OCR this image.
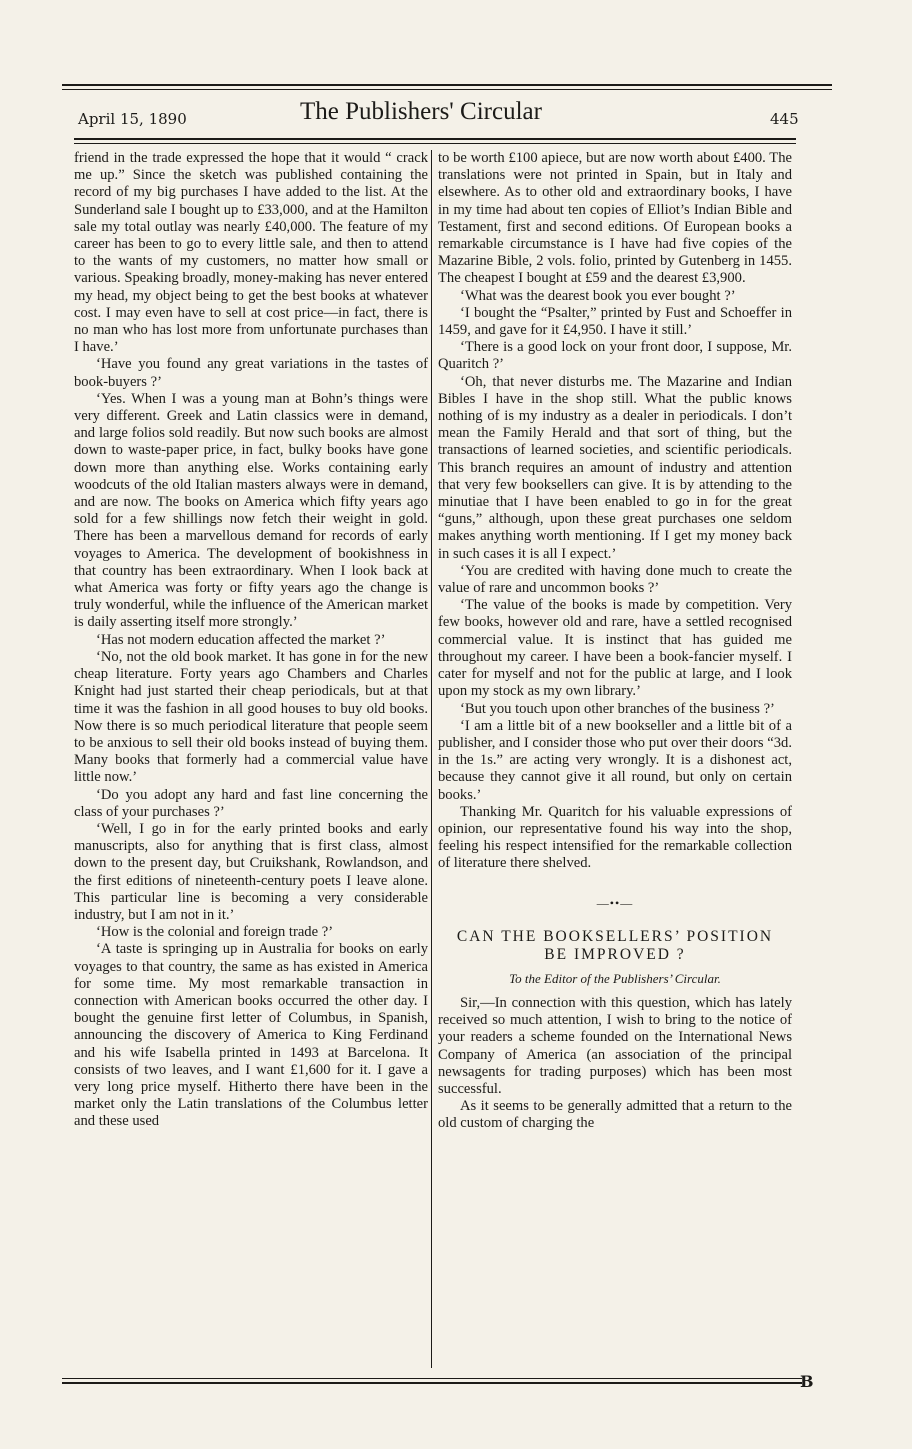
April 15, 1890	The Publishers' Circular	445

friend in the trade expressed the hope that it would “ crack me up.” Since the sketch was published containing the record of my big purchases I have added to the list. At the Sunderland sale I bought up to £33,000, and at the Hamilton sale my total outlay was nearly £40,000. The feature of my career has been to go to every little sale, and then to attend to the wants of my customers, no matter how small or various. Speaking broadly, money-making has never entered my head, my object being to get the best books at whatever cost. I may even have to sell at cost price—in fact, there is no man who has lost more from unfortunate purchases than I have.’

‘Have you found any great variations in the tastes of book-buyers ?’

‘Yes. When I was a young man at Bohn’s things were very different. Greek and Latin classics were in demand, and large folios sold readily. But now such books are almost down to waste-paper price, in fact, bulky books have gone down more than anything else. Works containing early woodcuts of the old Italian masters always were in demand, and are now. The books on America which fifty years ago sold for a few shillings now fetch their weight in gold. There has been a marvellous demand for records of early voyages to America. The development of bookishness in that country has been extraordinary. When I look back at what America was forty or fifty years ago the change is truly wonderful, while the influence of the American market is daily asserting itself more strongly.’

‘Has not modern education affected the market ?’

‘No, not the old book market. It has gone in for the new cheap literature. Forty years ago Chambers and Charles Knight had just started their cheap periodicals, but at that time it was the fashion in all good houses to buy old books. Now there is so much periodical literature that people seem to be anxious to sell their old books instead of buying them. Many books that formerly had a commercial value have little now.’

‘Do you adopt any hard and fast line concerning the class of your purchases ?’

‘Well, I go in for the early printed books and early manuscripts, also for anything that is first class, almost down to the present day, but Cruikshank, Rowlandson, and the first editions of nineteenth-century poets I leave alone. This particular line is becoming a very considerable industry, but I am not in it.’

‘How is the colonial and foreign trade ?’

‘A taste is springing up in Australia for books on early voyages to that country, the same as has existed in America for some time. My most remarkable transaction in connection with American books occurred the other day. I bought the genuine first letter of Columbus, in Spanish, announcing the discovery of America to King Ferdinand and his wife Isabella printed in 1493 at Barcelona. It consists of two leaves, and I want £1,600 for it. I gave a very long price myself. Hitherto there have been in the market only the Latin translations of the Columbus letter and these used

to be worth £100 apiece, but are now worth about £400. The translations were not printed in Spain, but in Italy and elsewhere. As to other old and extraordinary books, I have in my time had about ten copies of Elliot’s Indian Bible and Testament, first and second editions. Of European books a remarkable circumstance is I have had five copies of the Mazarine Bible, 2 vols. folio, printed by Gutenberg in 1455. The cheapest I bought at £59 and the dearest £3,900.

‘What was the dearest book you ever bought ?’

‘I bought the “Psalter,” printed by Fust and Schoeffer in 1459, and gave for it £4,950. I have it still.’

‘There is a good lock on your front door, I suppose, Mr. Quaritch ?’

‘Oh, that never disturbs me. The Mazarine and Indian Bibles I have in the shop still. What the public knows nothing of is my industry as a dealer in periodicals. I don’t mean the Family Herald and that sort of thing, but the transactions of learned societies, and scientific periodicals. This branch requires an amount of industry and attention that very few booksellers can give. It is by attending to the minutiae that I have been enabled to go in for the great “guns,” although, upon these great purchases one seldom makes anything worth mentioning. If I get my money back in such cases it is all I expect.’

‘You are credited with having done much to create the value of rare and uncommon books ?’

‘The value of the books is made by competition. Very few books, however old and rare, have a settled recognised commercial value. It is instinct that has guided me throughout my career. I have been a book-fancier myself. I cater for myself and not for the public at large, and I look upon my stock as my own library.’

‘But you touch upon other branches of the business ?’

‘I am a little bit of a new bookseller and a little bit of a publisher, and I consider those who put over their doors “3d. in the 1s.” are acting very wrongly. It is a dishonest act, because they cannot give it all round, but only on certain books.’

Thanking Mr. Quaritch for his valuable expressions of opinion, our representative found his way into the shop, feeling his respect intensified for the remarkable collection of literature there shelved.

—••—
CAN THE BOOKSELLERS’ POSITION
BE IMPROVED ?
To the Editor of the Publishers’ Circular.

Sir,—In connection with this question, which has lately received so much attention, I wish to bring to the notice of your readers a scheme founded on the International News Company of America (an association of the principal newsagents for trading purposes) which has been most successful.

As it seems to be generally admitted that a return to the old custom of charging the

B
